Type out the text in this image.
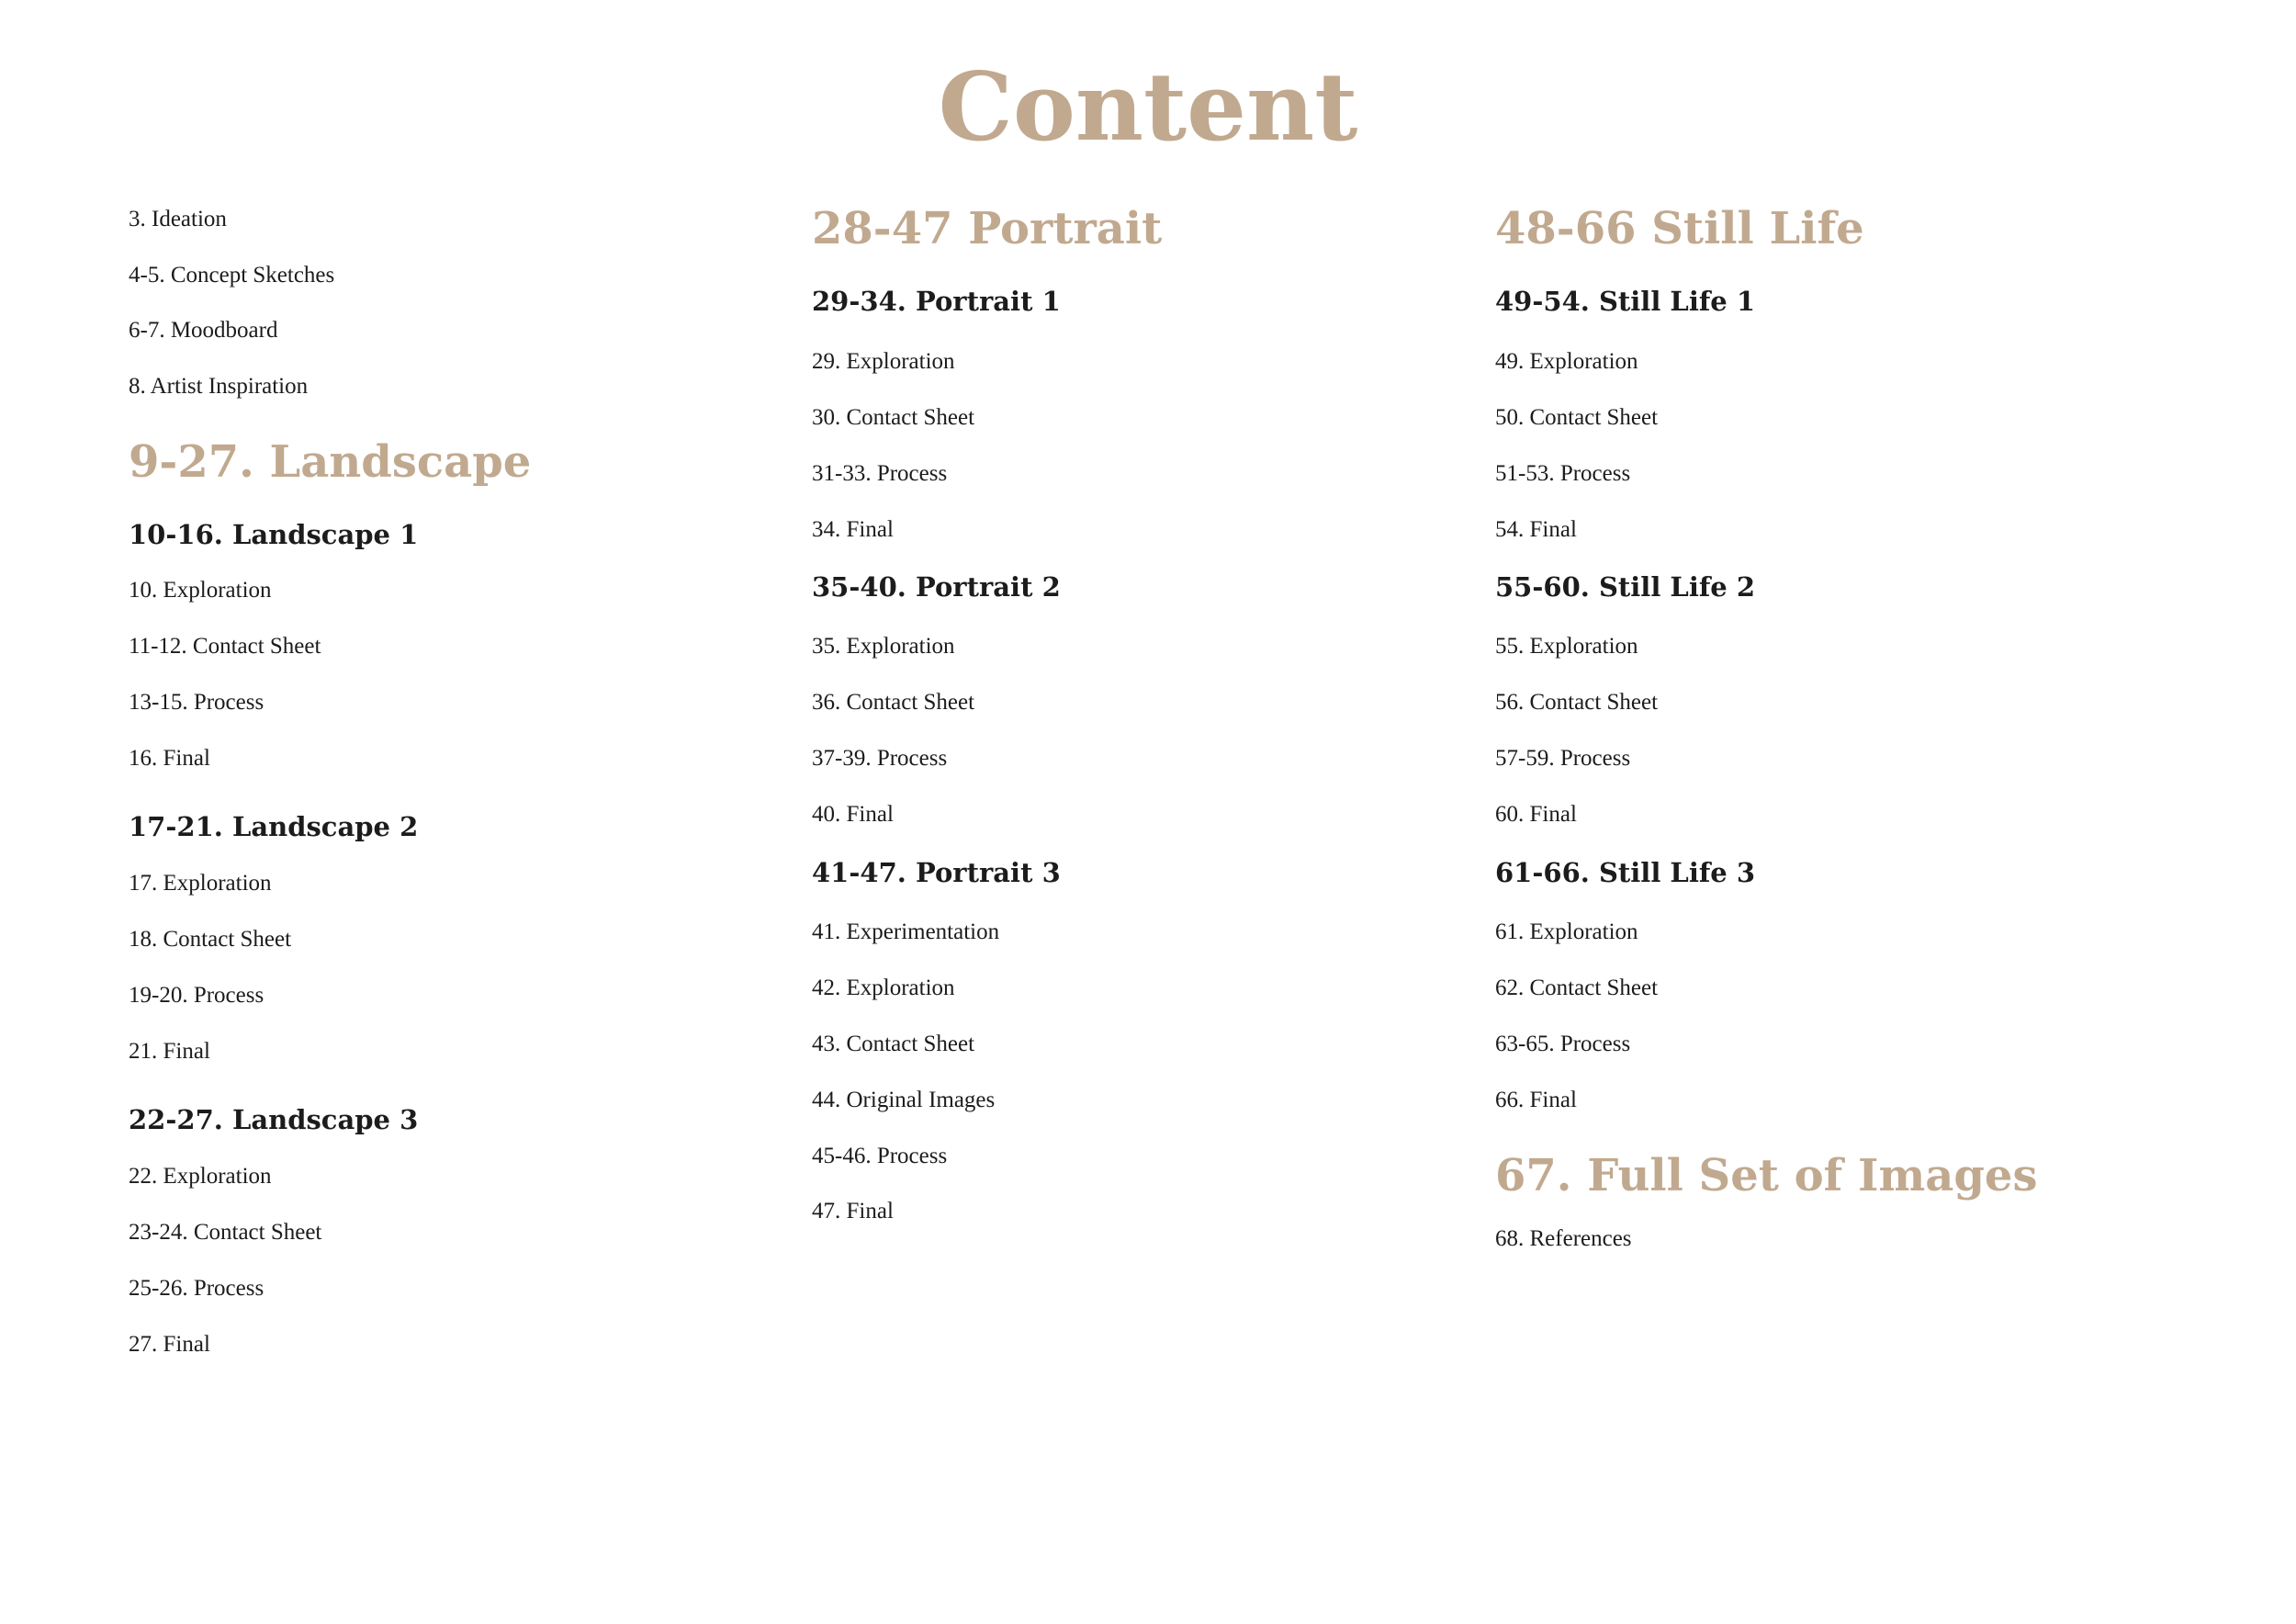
Content
3. Ideation
4-5. Concept Sketches
6-7. Moodboard
8. Artist Inspiration
9-27. Landscape
10-16. Landscape 1
10. Exploration
11-12. Contact Sheet
13-15. Process
16. Final
17-21. Landscape 2
17. Exploration
18. Contact Sheet
19-20. Process
21. Final
22-27. Landscape 3
22. Exploration
23-24. Contact Sheet
25-26. Process
27. Final
28-47 Portrait
29-34. Portrait 1
29. Exploration
30. Contact Sheet
31-33. Process
34. Final
35-40. Portrait 2
35. Exploration
36. Contact Sheet
37-39. Process
40. Final
41-47. Portrait 3
41. Experimentation
42. Exploration
43. Contact Sheet
44. Original Images
45-46. Process
47. Final
48-66 Still Life
49-54. Still Life 1
49. Exploration
50. Contact Sheet
51-53. Process
54. Final
55-60. Still Life 2
55. Exploration
56. Contact Sheet
57-59. Process
60. Final
61-66. Still Life 3
61. Exploration
62. Contact Sheet
63-65. Process
66. Final
67. Full Set of Images
68. References
